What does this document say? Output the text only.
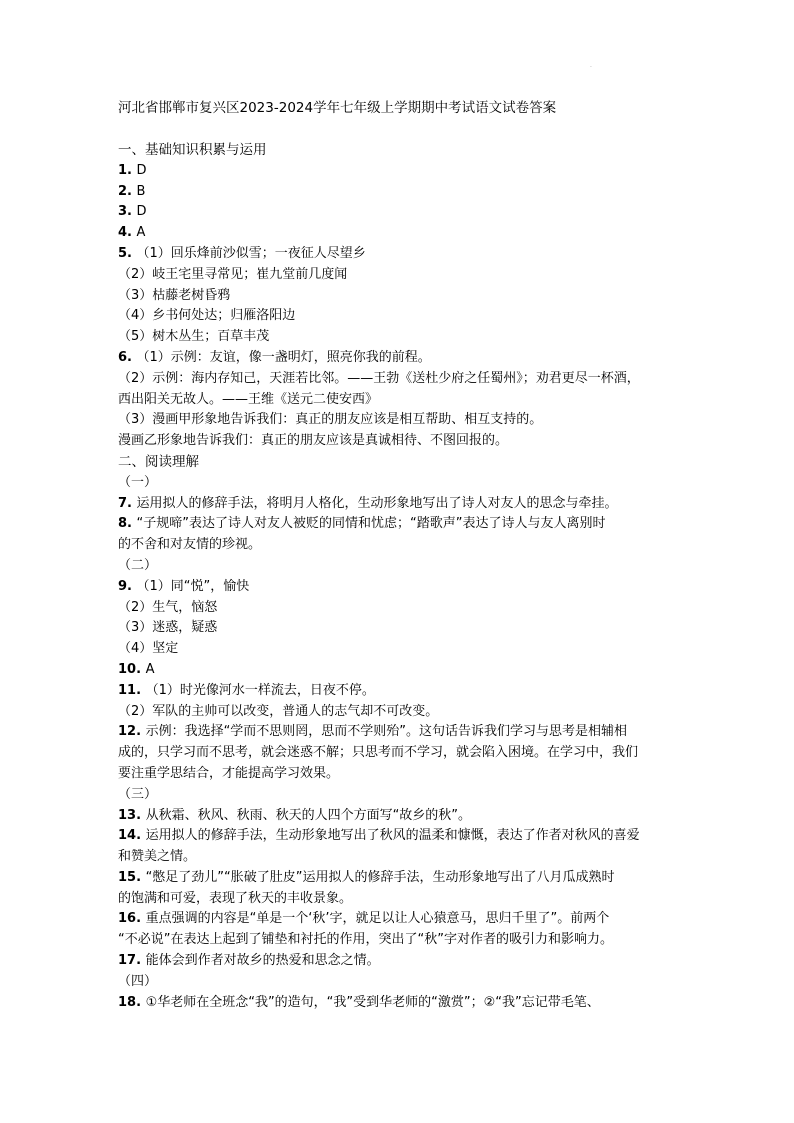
.
河北省邯郸市复兴区2023-2024学年七年级上学期期中考试语文试卷答案
一、基础知识积累与运用
1. D
2. B
3. D
4. A
5. （1）回乐烽前沙似雪；一夜征人尽望乡
（2）岐王宅里寻常见；崔九堂前几度闻
（3）枯藤老树昏鸦
（4）乡书何处达；归雁洛阳边
（5）树木丛生；百草丰茂
6. （1）示例：友谊，像一盏明灯，照亮你我的前程。
（2）示例：海内存知己，天涯若比邻。——王勃《送杜少府之任蜀州》；劝君更尽一杯酒，
西出阳关无故人。——王维《送元二使安西》
（3）漫画甲形象地告诉我们：真正的朋友应该是相互帮助、相互支持的。
漫画乙形象地告诉我们：真正的朋友应该是真诚相待、不图回报的。
二、阅读理解
（一）
7. 运用拟人的修辞手法，将明月人格化，生动形象地写出了诗人对友人的思念与牵挂。
8. “子规啼”表达了诗人对友人被贬的同情和忧虑；“踏歌声”表达了诗人与友人离别时
的不舍和对友情的珍视。
（二）
9. （1）同“悦”，愉快
（2）生气，恼怒
（3）迷惑，疑惑
（4）坚定
10. A
11. （1）时光像河水一样流去，日夜不停。
（2）军队的主帅可以改变，普通人的志气却不可改变。
12. 示例：我选择“学而不思则罔，思而不学则殆”。这句话告诉我们学习与思考是相辅相
成的，只学习而不思考，就会迷惑不解；只思考而不学习，就会陷入困境。在学习中，我们
要注重学思结合，才能提高学习效果。
（三）
13. 从秋霜、秋风、秋雨、秋天的人四个方面写“故乡的秋”。
14. 运用拟人的修辞手法，生动形象地写出了秋风的温柔和慷慨，表达了作者对秋风的喜爱
和赞美之情。
15. “憋足了劲儿”“胀破了肚皮”运用拟人的修辞手法，生动形象地写出了八月瓜成熟时
的饱满和可爱，表现了秋天的丰收景象。
16. 重点强调的内容是“单是一个‘秋’字，就足以让人心猿意马，思归千里了”。前两个
“不必说”在表达上起到了铺垫和衬托的作用，突出了“秋”字对作者的吸引力和影响力。
17. 能体会到作者对故乡的热爱和思念之情。
（四）
18. ①华老师在全班念“我”的造句，“我”受到华老师的“激赏”；②“我”忘记带毛笔、
